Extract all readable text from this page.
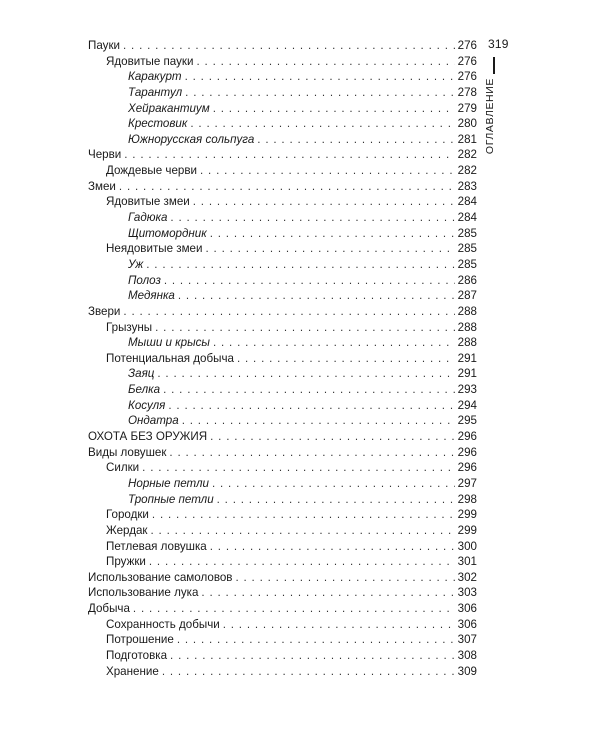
319
ОГЛАВЛЕНИЕ
Пауки . . .	276
Ядовитые пауки . . .	276
Каракурт . . .	276
Тарантул . . .	278
Хейракантиум . . .	279
Крестовик . . .	280
Южнорусская сольпуга . . .	281
Черви . . .	282
Дождевые черви . . .	282
Змеи . . .	283
Ядовитые змеи . . .	284
Гадюка . . .	284
Щитомордник . . .	285
Неядовитые змеи . . .	285
Уж . . .	285
Полоз . . .	286
Медянка . . .	287
Звери . . .	288
Грызуны . . .	288
Мыши и крысы . . .	288
Потенциальная добыча . . .	291
Заяц . . .	291
Белка . . .	293
Косуля . . .	294
Ондатра . . .	295
ОХОТА БЕЗ ОРУЖИЯ . . .	296
Виды ловушек . . .	296
Силки . . .	296
Норные петли . . .	297
Тропные петли . . .	298
Городки . . .	299
Жердак . . .	299
Петлевая ловушка . . .	300
Пружки . . .	301
Использование самоловов . . .	302
Использование лука . . .	303
Добыча . . .	306
Сохранность добычи . . .	306
Потрошение . . .	307
Подготовка . . .	308
Хранение . . .	309
